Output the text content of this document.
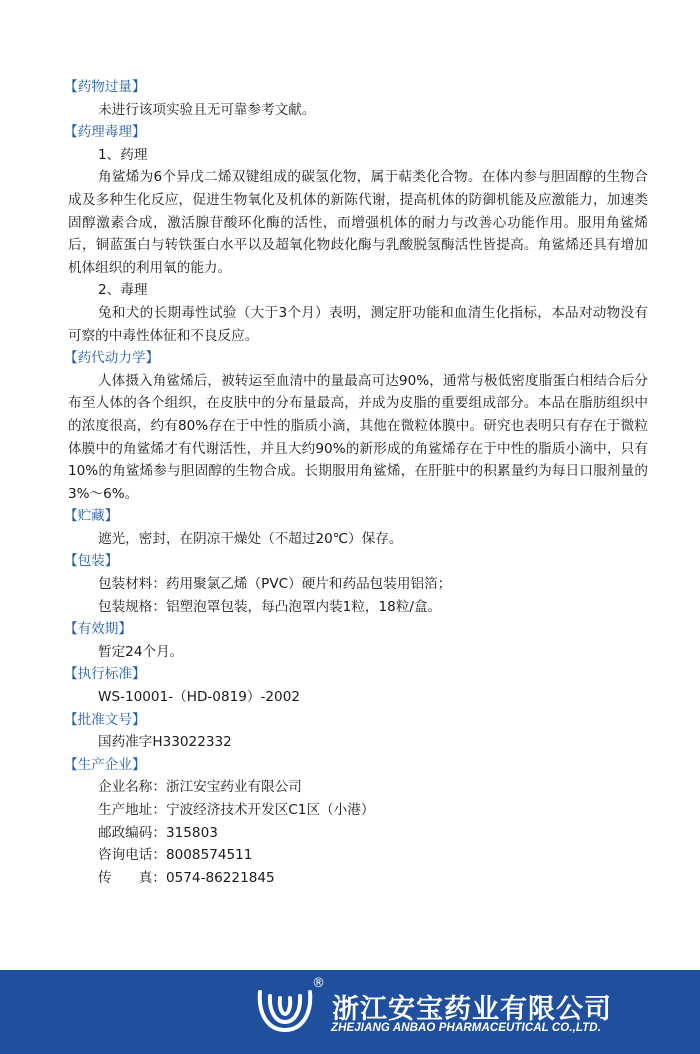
【药物过量】
未进行该项实验且无可靠参考文献。
【药理毒理】
1、药理
角鲨烯为6个异戊二烯双键组成的碳氢化物，属于萜类化合物。在体内参与胆固醇的生物合成及多种生化反应，促进生物氧化及机体的新陈代谢，提高机体的防御机能及应激能力，加速类固醇激素合成，激活腺苷酸环化酶的活性，而增强机体的耐力与改善心功能作用。服用角鲨烯后，铜蓝蛋白与转铁蛋白水平以及超氧化物歧化酶与乳酸脱氢酶活性皆提高。角鲨烯还具有增加机体组织的利用氧的能力。
2、毒理
兔和犬的长期毒性试验（大于3个月）表明，测定肝功能和血清生化指标，本品对动物没有可察的中毒性体征和不良反应。
【药代动力学】
人体摄入角鲨烯后，被转运至血清中的量最高可达90%，通常与极低密度脂蛋白相结合后分布至人体的各个组织，在皮肤中的分布量最高，并成为皮脂的重要组成部分。本品在脂肪组织中的浓度很高，约有80%存在于中性的脂质小滴，其他在微粒体膜中。研究也表明只有存在于微粒体膜中的角鲨烯才有代谢活性，并且大约90%的新形成的角鲨烯存在于中性的脂质小滴中，只有10%的角鲨烯参与胆固醇的生物合成。长期服用角鲨烯，在肝脏中的积累量约为每日口服剂量的3%～6%。
【贮藏】
遮光，密封，在阴凉干燥处（不超过20℃）保存。
【包装】
包装材料：药用聚氯乙烯（PVC）硬片和药品包装用铝箔；
包装规格：铝塑泡罩包装，每凸泡罩内装1粒，18粒/盒。
【有效期】
暂定24个月。
【执行标准】
WS-10001-（HD-0819）-2002
【批准文号】
国药准字H33022332
【生产企业】
企业名称：浙江安宝药业有限公司
生产地址：宁波经济技术开发区C1区（小港）
邮政编码：315803
咨询电话：8008574511
传　　真：0574-86221845
®
浙江安宝药业有限公司
ZHEJIANG ANBAO PHARMACEUTICAL CO.,LTD.
